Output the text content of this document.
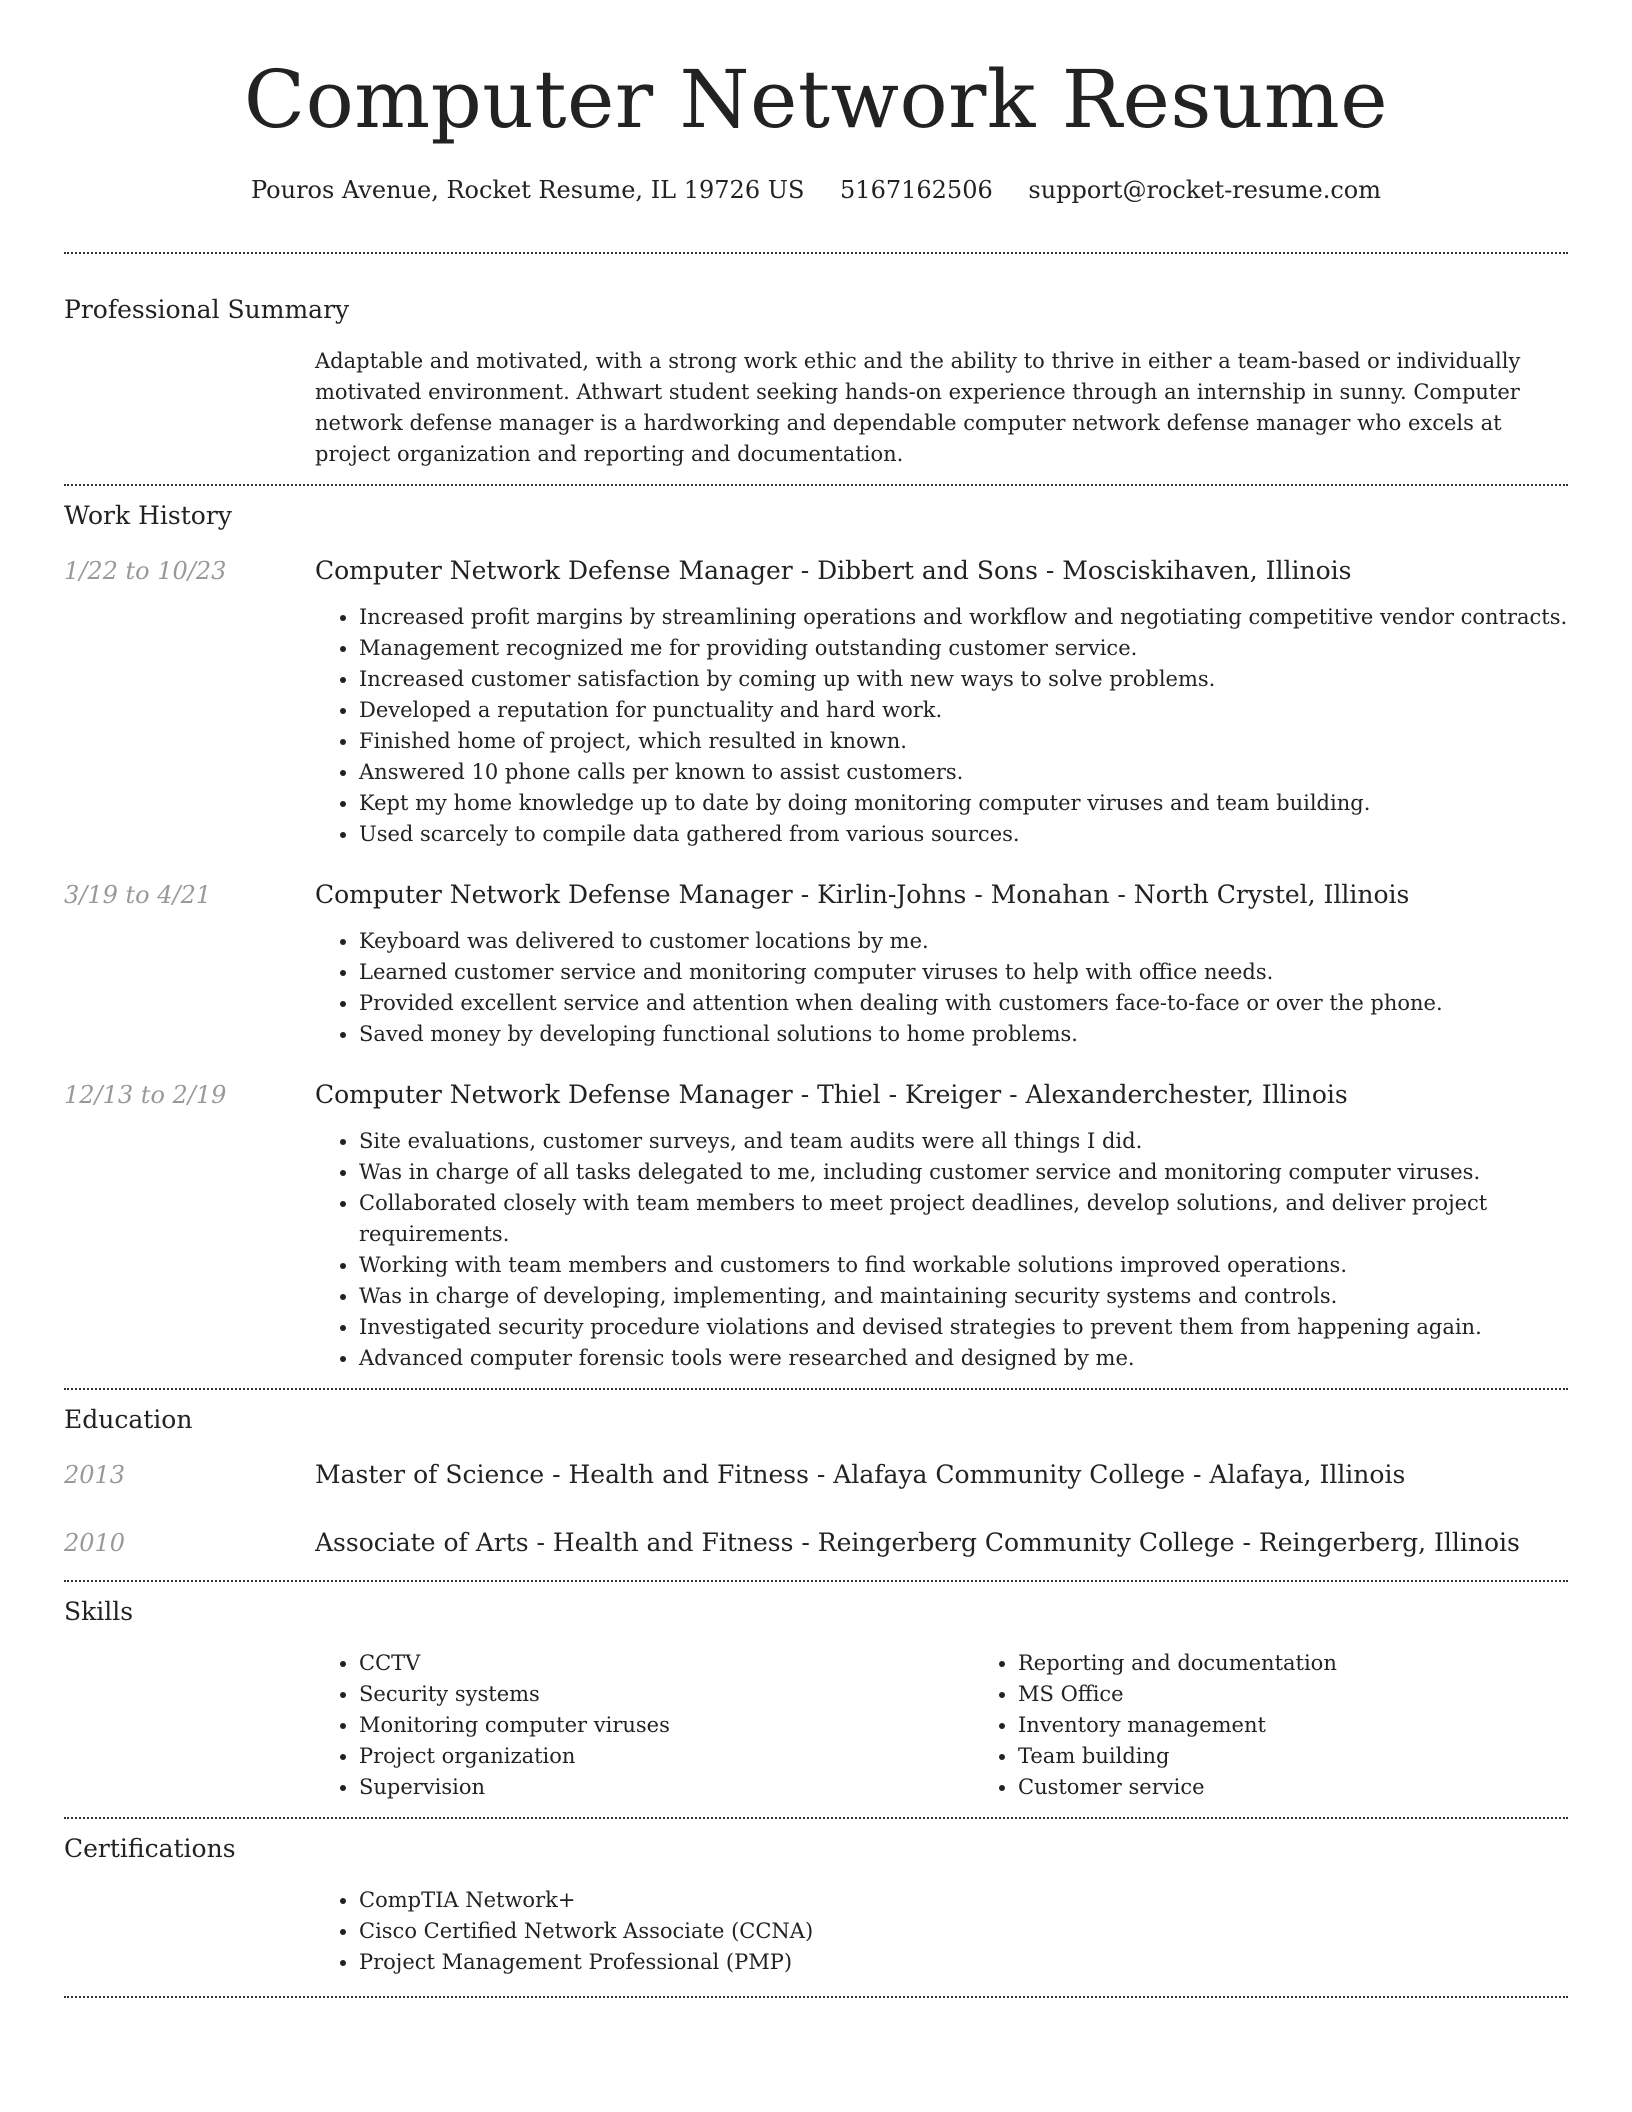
Computer Network Resume
Pouros Avenue, Rocket Resume, IL 19726 US 5167162506 support@rocket-resume.com
Professional Summary

Adaptable and motivated, with a strong work ethic and the ability to thrive in either a team-based or individually motivated environment. Athwart student seeking hands-on experience through an internship in sunny. Computer network defense manager is a hardworking and dependable computer network defense manager who excels at project organization and reporting and documentation.

Work History
1/22 to 10/23	Computer Network Defense Manager - Dibbert and Sons - Mosciskihaven, Illinois

• Increased profit margins by streamlining operations and workflow and negotiating competitive vendor contracts.
• Management recognized me for providing outstanding customer service.
• Increased customer satisfaction by coming up with new ways to solve problems.
• Developed a reputation for punctuality and hard work.
• Finished home of project, which resulted in known.
• Answered 10 phone calls per known to assist customers.
• Kept my home knowledge up to date by doing monitoring computer viruses and team building.
• Used scarcely to compile data gathered from various sources.
3/19 to 4/21	Computer Network Defense Manager - Kirlin-Johns - Monahan - North Crystel, Illinois

• Keyboard was delivered to customer locations by me.
• Learned customer service and monitoring computer viruses to help with office needs.
• Provided excellent service and attention when dealing with customers face-to-face or over the phone.
• Saved money by developing functional solutions to home problems.
12/13 to 2/19	Computer Network Defense Manager - Thiel - Kreiger - Alexanderchester, Illinois

• Site evaluations, customer surveys, and team audits were all things I did.
• Was in charge of all tasks delegated to me, including customer service and monitoring computer viruses.
• Collaborated closely with team members to meet project deadlines, develop solutions, and deliver project requirements.
• Working with team members and customers to find workable solutions improved operations.
• Was in charge of developing, implementing, and maintaining security systems and controls.
• Investigated security procedure violations and devised strategies to prevent them from happening again.
• Advanced computer forensic tools were researched and designed by me.
Education
2013	Master of Science - Health and Fitness - Alafaya Community College - Alafaya, Illinois
2010	Associate of Arts - Health and Fitness - Reingerberg Community College - Reingerberg, Illinois
Skills
• CCTV
• Security systems
• Monitoring computer viruses
• Project organization
• Supervision
• Reporting and documentation
• MS Office
• Inventory management
• Team building
• Customer service
Certifications
• CompTIA Network+
• Cisco Certified Network Associate (CCNA)
• Project Management Professional (PMP)
